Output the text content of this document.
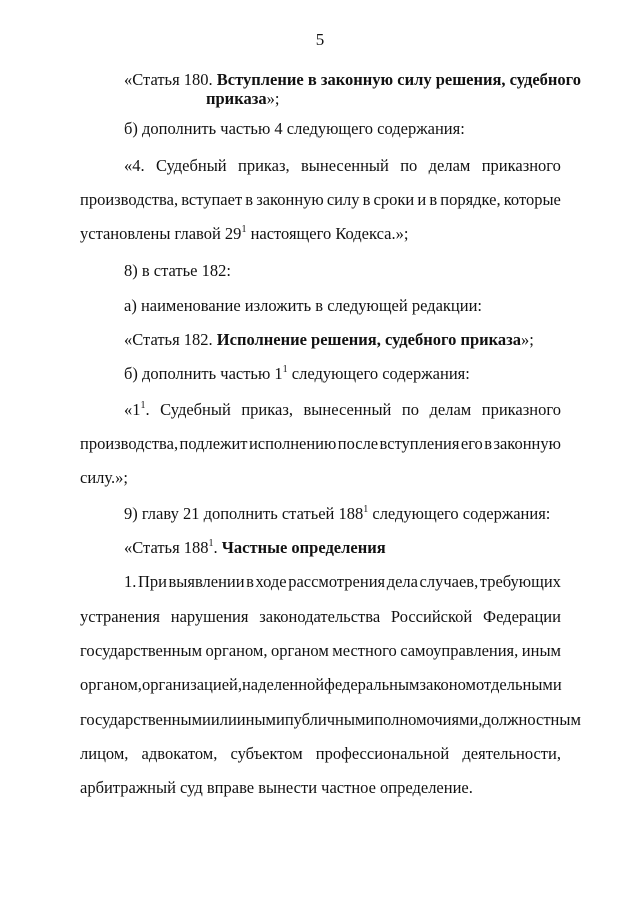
5
«Статья 180. Вступление в законную силу решения, судебного
приказа»;
б) дополнить частью 4 следующего содержания:
«4. Судебный приказ, вынесенный по делам приказного
производства, вступает в законную силу в сроки и в порядке, которые
установлены главой $29^1$ настоящего Кодекса.»;
8) в статье 182:
а) наименование изложить в следующей редакции:
«Статья 182. Исполнение решения, судебного приказа»;
б) дополнить частью $1^1$ следующего содержания:
«$1^1$. Судебный приказ, вынесенный по делам приказного
производства, подлежит исполнению после вступления его в законную
силу.»;
9) главу 21 дополнить статьей $188^1$ следующего содержания:
«Статья $188^1$. Частные определения
1. При выявлении в ходе рассмотрения дела случаев, требующих
устранения нарушения законодательства Российской Федерации
государственным органом, органом местного самоуправления, иным
органом, организацией, наделенной федеральным законом отдельными
государственными или иными публичными полномочиями, должностным
лицом, адвокатом, субъектом профессиональной деятельности,
арбитражный суд вправе вынести частное определение.
